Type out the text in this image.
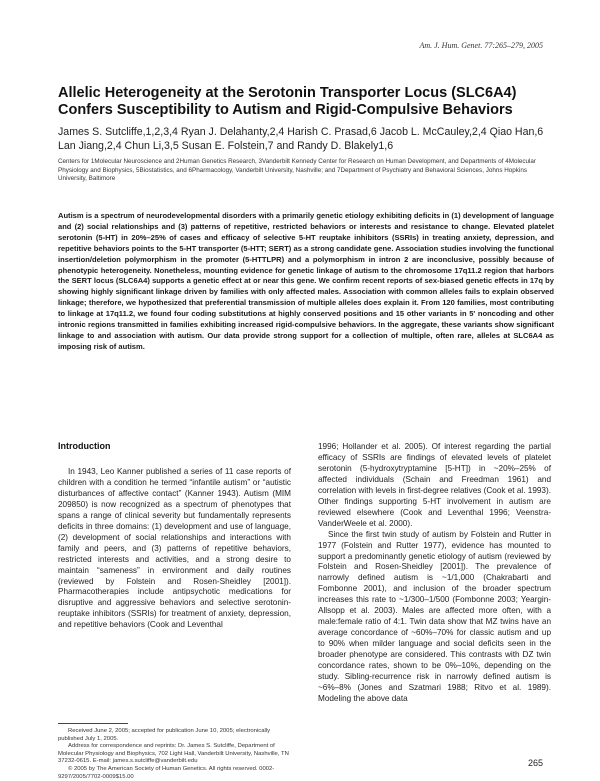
Am. J. Hum. Genet. 77:265–279, 2005
Allelic Heterogeneity at the Serotonin Transporter Locus (SLC6A4) Confers Susceptibility to Autism and Rigid-Compulsive Behaviors
James S. Sutcliffe,1,2,3,4 Ryan J. Delahanty,2,4 Harish C. Prasad,6 Jacob L. McCauley,2,4 Qiao Han,6 Lan Jiang,2,4 Chun Li,3,5 Susan E. Folstein,7 and Randy D. Blakely1,6
Centers for 1Molecular Neuroscience and 2Human Genetics Research, 3Vanderbilt Kennedy Center for Research on Human Development, and Departments of 4Molecular Physiology and Biophysics, 5Biostatistics, and 6Pharmacology, Vanderbilt University, Nashville; and 7Department of Psychiatry and Behavioral Sciences, Johns Hopkins University, Baltimore
Autism is a spectrum of neurodevelopmental disorders with a primarily genetic etiology exhibiting deficits in (1) development of language and (2) social relationships and (3) patterns of repetitive, restricted behaviors or interests and resistance to change. Elevated platelet serotonin (5-HT) in 20%–25% of cases and efficacy of selective 5-HT reuptake inhibitors (SSRIs) in treating anxiety, depression, and repetitive behaviors points to the 5-HT transporter (5-HTT; SERT) as a strong candidate gene. Association studies involving the functional insertion/deletion polymorphism in the promoter (5-HTTLPR) and a polymorphism in intron 2 are inconclusive, possibly because of phenotypic heterogeneity. Nonetheless, mounting evidence for genetic linkage of autism to the chromosome 17q11.2 region that harbors the SERT locus (SLC6A4) supports a genetic effect at or near this gene. We confirm recent reports of sex-biased genetic effects in 17q by showing highly significant linkage driven by families with only affected males. Association with common alleles fails to explain observed linkage; therefore, we hypothesized that preferential transmission of multiple alleles does explain it. From 120 families, most contributing to linkage at 17q11.2, we found four coding substitutions at highly conserved positions and 15 other variants in 5' noncoding and other intronic regions transmitted in families exhibiting increased rigid-compulsive behaviors. In the aggregate, these variants show significant linkage to and association with autism. Our data provide strong support for a collection of multiple, often rare, alleles at SLC6A4 as imposing risk of autism.
Introduction

In 1943, Leo Kanner published a series of 11 case reports of children with a condition he termed “infantile autism” or “autistic disturbances of affective contact” (Kanner 1943). Autism (MIM 209850) is now recognized as a spectrum of phenotypes that spans a range of clinical severity but fundamentally represents deficits in three domains: (1) development and use of language, (2) development of social relationships and interactions with family and peers, and (3) patterns of repetitive behaviors, restricted interests and activities, and a strong desire to maintain “sameness” in environment and daily routines (reviewed by Folstein and Rosen-Sheidley [2001]). Pharmacotherapies include antipsychotic medications for disruptive and aggressive behaviors and selective serotonin-reuptake inhibitors (SSRIs) for treatment of anxiety, depression, and repetitive behaviors (Cook and Leventhal

1996; Hollander et al. 2005). Of interest regarding the partial efficacy of SSRIs are findings of elevated levels of platelet serotonin (5-hydroxytryptamine [5-HT]) in ~20%–25% of affected individuals (Schain and Freedman 1961) and correlation with levels in first-degree relatives (Cook et al. 1993). Other findings supporting 5-HT involvement in autism are reviewed elsewhere (Cook and Leventhal 1996; Veenstra-VanderWeele et al. 2000).

Since the first twin study of autism by Folstein and Rutter in 1977 (Folstein and Rutter 1977), evidence has mounted to support a predominantly genetic etiology of autism (reviewed by Folstein and Rosen-Sheidley [2001]). The prevalence of narrowly defined autism is ~1/1,000 (Chakrabarti and Fombonne 2001), and inclusion of the broader spectrum increases this rate to ~1/300–1/500 (Fombonne 2003; Yeargin-Allsopp et al. 2003). Males are affected more often, with a male:female ratio of 4:1. Twin data show that MZ twins have an average concordance of ~60%–70% for classic autism and up to 90% when milder language and social deficits seen in the broader phenotype are considered. This contrasts with DZ twin concordance rates, shown to be 0%–10%, depending on the study. Sibling-recurrence risk in narrowly defined autism is ~6%–8% (Jones and Szatmari 1988; Ritvo et al. 1989). Modeling the above data

Received June 2, 2005; accepted for publication June 10, 2005; electronically published July 1, 2005.

Address for correspondence and reprints: Dr. James S. Sutcliffe, Department of Molecular Physiology and Biophysics, 702 Light Hall, Vanderbilt University, Nashville, TN 37232-0615. E-mail: james.s.sutcliffe@vanderbilt.edu

© 2005 by The American Society of Human Genetics. All rights reserved. 0002-9297/2005/7702-0009$15.00

265
